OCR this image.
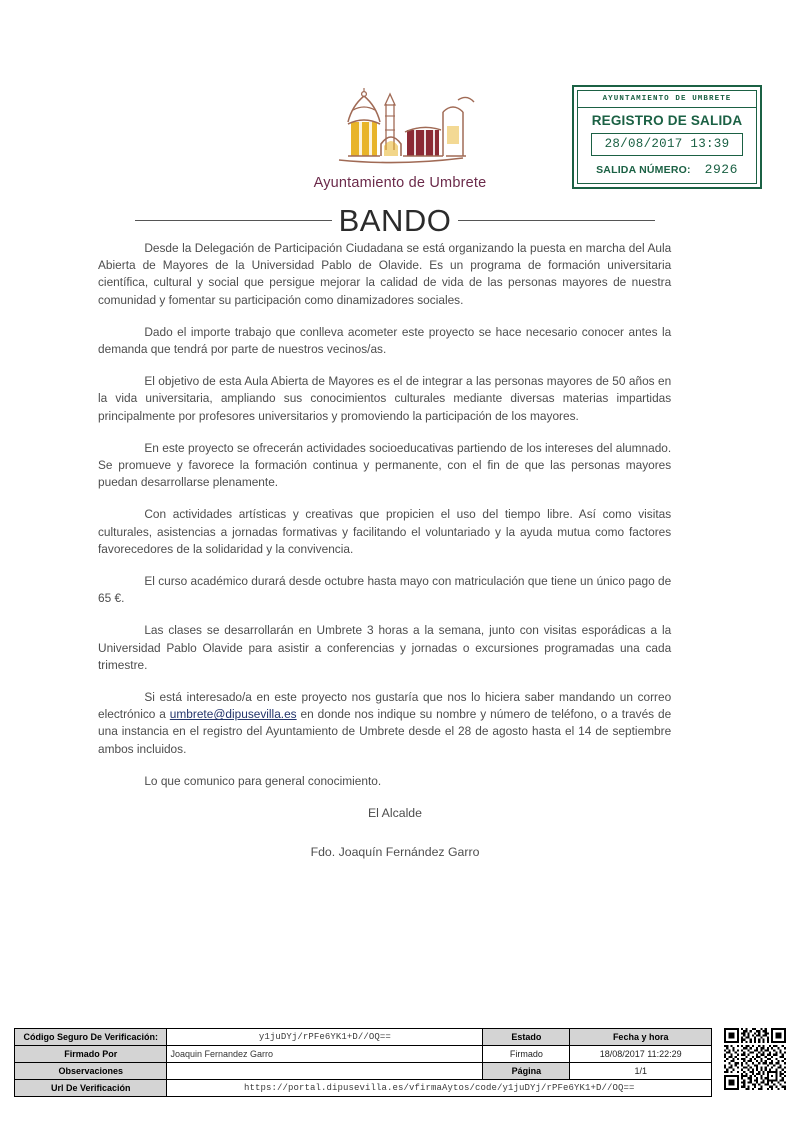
Ayuntamiento de Umbrete
AYUNTAMIENTO DE UMBRETE
REGISTRO DE SALIDA
28/08/2017 13:39
SALIDA NÚMERO: 2926
BANDO

Desde la Delegación de Participación Ciudadana se está organizando la puesta en marcha del Aula Abierta de Mayores de la Universidad Pablo de Olavide. Es un programa de formación universitaria científica, cultural y social que persigue mejorar la calidad de vida de las personas mayores de nuestra comunidad y fomentar su participación como dinamizadores sociales.

Dado el importe trabajo que conlleva acometer este proyecto se hace necesario conocer antes la demanda que tendrá por parte de nuestros vecinos/as.

El objetivo de esta Aula Abierta de Mayores es el de integrar a las personas mayores de 50 años en la vida universitaria, ampliando sus conocimientos culturales mediante diversas materias impartidas principalmente por profesores universitarios y promoviendo la participación de los mayores.

En este proyecto se ofrecerán actividades socioeducativas partiendo de los intereses del alumnado. Se promueve y favorece la formación continua y permanente, con el fin de que las personas mayores puedan desarrollarse plenamente.

Con actividades artísticas y creativas que propicien el uso del tiempo libre. Así como visitas culturales, asistencias a jornadas formativas y facilitando el voluntariado y la ayuda mutua como factores favorecedores de la solidaridad y la convivencia.

El curso académico durará desde octubre hasta mayo con matriculación que tiene un único pago de 65 €.

Las clases se desarrollarán en Umbrete 3 horas a la semana, junto con visitas esporádicas a la Universidad Pablo Olavide para asistir a conferencias y jornadas o excursiones programadas una cada trimestre.

Si está interesado/a en este proyecto nos gustaría que nos lo hiciera saber mandando un correo electrónico a umbrete@dipusevilla.es en donde nos indique su nombre y número de teléfono, o a través de una instancia en el registro del Ayuntamiento de Umbrete desde el 28 de agosto hasta el 14 de septiembre ambos incluidos.

Lo que comunico para general conocimiento.

El Alcalde
Fdo. Joaquín Fernández Garro
Código Seguro De Verificación:	y1juDYj/rPFe6YK1+D//OQ==	Estado	Fecha y hora
Firmado Por	Joaquin Fernandez Garro	Firmado	18/08/2017 11:22:29
Observaciones		Página	1/1
Url De Verificación	https://portal.dipusevilla.es/vfirmaAytos/code/y1juDYj/rPFe6YK1+D//OQ==		
